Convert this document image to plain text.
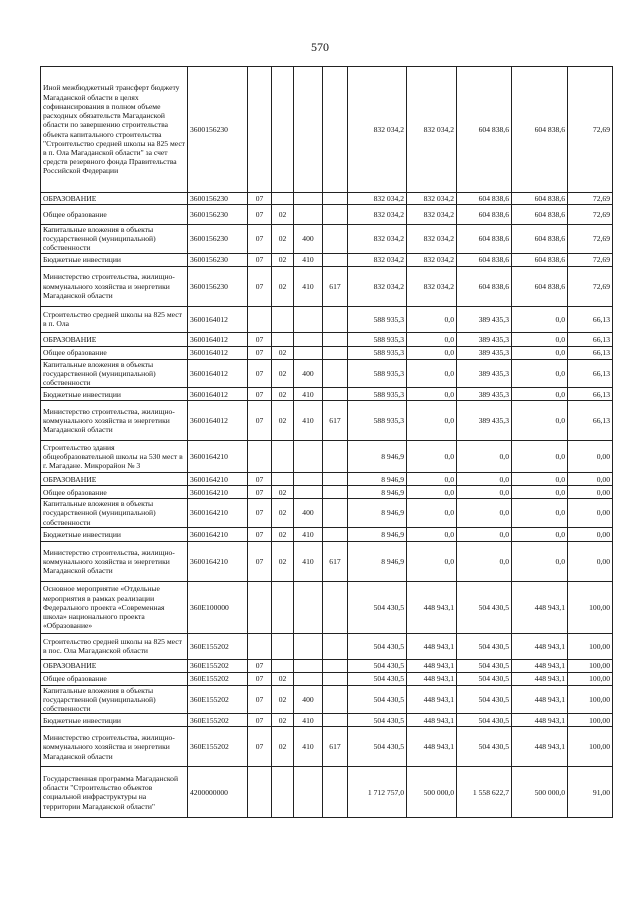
570
Иной межбюджетный трансферт бюджету Магаданской области в целях софинансирования в полном объеме расходных обязательств Магаданской области по завершению строительства объекта капитального строительства "Строительство средней школы на 825 мест в п. Ола Магаданской области" за счет средств резервного фонда Правительства Российской Федерации	3600156230					832 034,2	832 034,2	604 838,6	604 838,6	72,69
ОБРАЗОВАНИЕ	3600156230	07				832 034,2	832 034,2	604 838,6	604 838,6	72,69
Общее образование	3600156230	07	02			832 034,2	832 034,2	604 838,6	604 838,6	72,69
Капитальные вложения в объекты государственной (муниципальной) собственности	3600156230	07	02	400		832 034,2	832 034,2	604 838,6	604 838,6	72,69
Бюджетные инвестиции	3600156230	07	02	410		832 034,2	832 034,2	604 838,6	604 838,6	72,69
Министерство строительства, жилищно-коммунального хозяйства и энергетики Магаданской области	3600156230	07	02	410	617	832 034,2	832 034,2	604 838,6	604 838,6	72,69
Строительство средней школы на 825 мест в п. Ола	3600164012					588 935,3	0,0	389 435,3	0,0	66,13
ОБРАЗОВАНИЕ	3600164012	07				588 935,3	0,0	389 435,3	0,0	66,13
Общее образование	3600164012	07	02			588 935,3	0,0	389 435,3	0,0	66,13
Капитальные вложения в объекты государственной (муниципальной) собственности	3600164012	07	02	400		588 935,3	0,0	389 435,3	0,0	66,13
Бюджетные инвестиции	3600164012	07	02	410		588 935,3	0,0	389 435,3	0,0	66,13
Министерство строительства, жилищно-коммунального хозяйства и энергетики Магаданской области	3600164012	07	02	410	617	588 935,3	0,0	389 435,3	0,0	66,13
Строительство здания общеобразовательной школы на 530 мест в г. Магадане. Микрорайон № 3	3600164210					8 946,9	0,0	0,0	0,0	0,00
ОБРАЗОВАНИЕ	3600164210	07				8 946,9	0,0	0,0	0,0	0,00
Общее образование	3600164210	07	02			8 946,9	0,0	0,0	0,0	0,00
Капитальные вложения в объекты государственной (муниципальной) собственности	3600164210	07	02	400		8 946,9	0,0	0,0	0,0	0,00
Бюджетные инвестиции	3600164210	07	02	410		8 946,9	0,0	0,0	0,0	0,00
Министерство строительства, жилищно-коммунального хозяйства и энергетики Магаданской области	3600164210	07	02	410	617	8 946,9	0,0	0,0	0,0	0,00
Основное мероприятие «Отдельные мероприятия в рамках реализации Федерального проекта «Современная школа» национального проекта «Образование»	360E100000					504 430,5	448 943,1	504 430,5	448 943,1	100,00
Строительство средней школы на 825 мест в пос. Ола Магаданской области	360E155202					504 430,5	448 943,1	504 430,5	448 943,1	100,00
ОБРАЗОВАНИЕ	360E155202	07				504 430,5	448 943,1	504 430,5	448 943,1	100,00
Общее образование	360E155202	07	02			504 430,5	448 943,1	504 430,5	448 943,1	100,00
Капитальные вложения в объекты государственной (муниципальной) собственности	360E155202	07	02	400		504 430,5	448 943,1	504 430,5	448 943,1	100,00
Бюджетные инвестиции	360E155202	07	02	410		504 430,5	448 943,1	504 430,5	448 943,1	100,00
Министерство строительства, жилищно-коммунального хозяйства и энергетики Магаданской области	360E155202	07	02	410	617	504 430,5	448 943,1	504 430,5	448 943,1	100,00
Государственная программа Магаданской области "Строительство объектов социальной инфраструктуры на территории Магаданской области"	4200000000					1 712 757,0	500 000,0	1 558 622,7	500 000,0	91,00
